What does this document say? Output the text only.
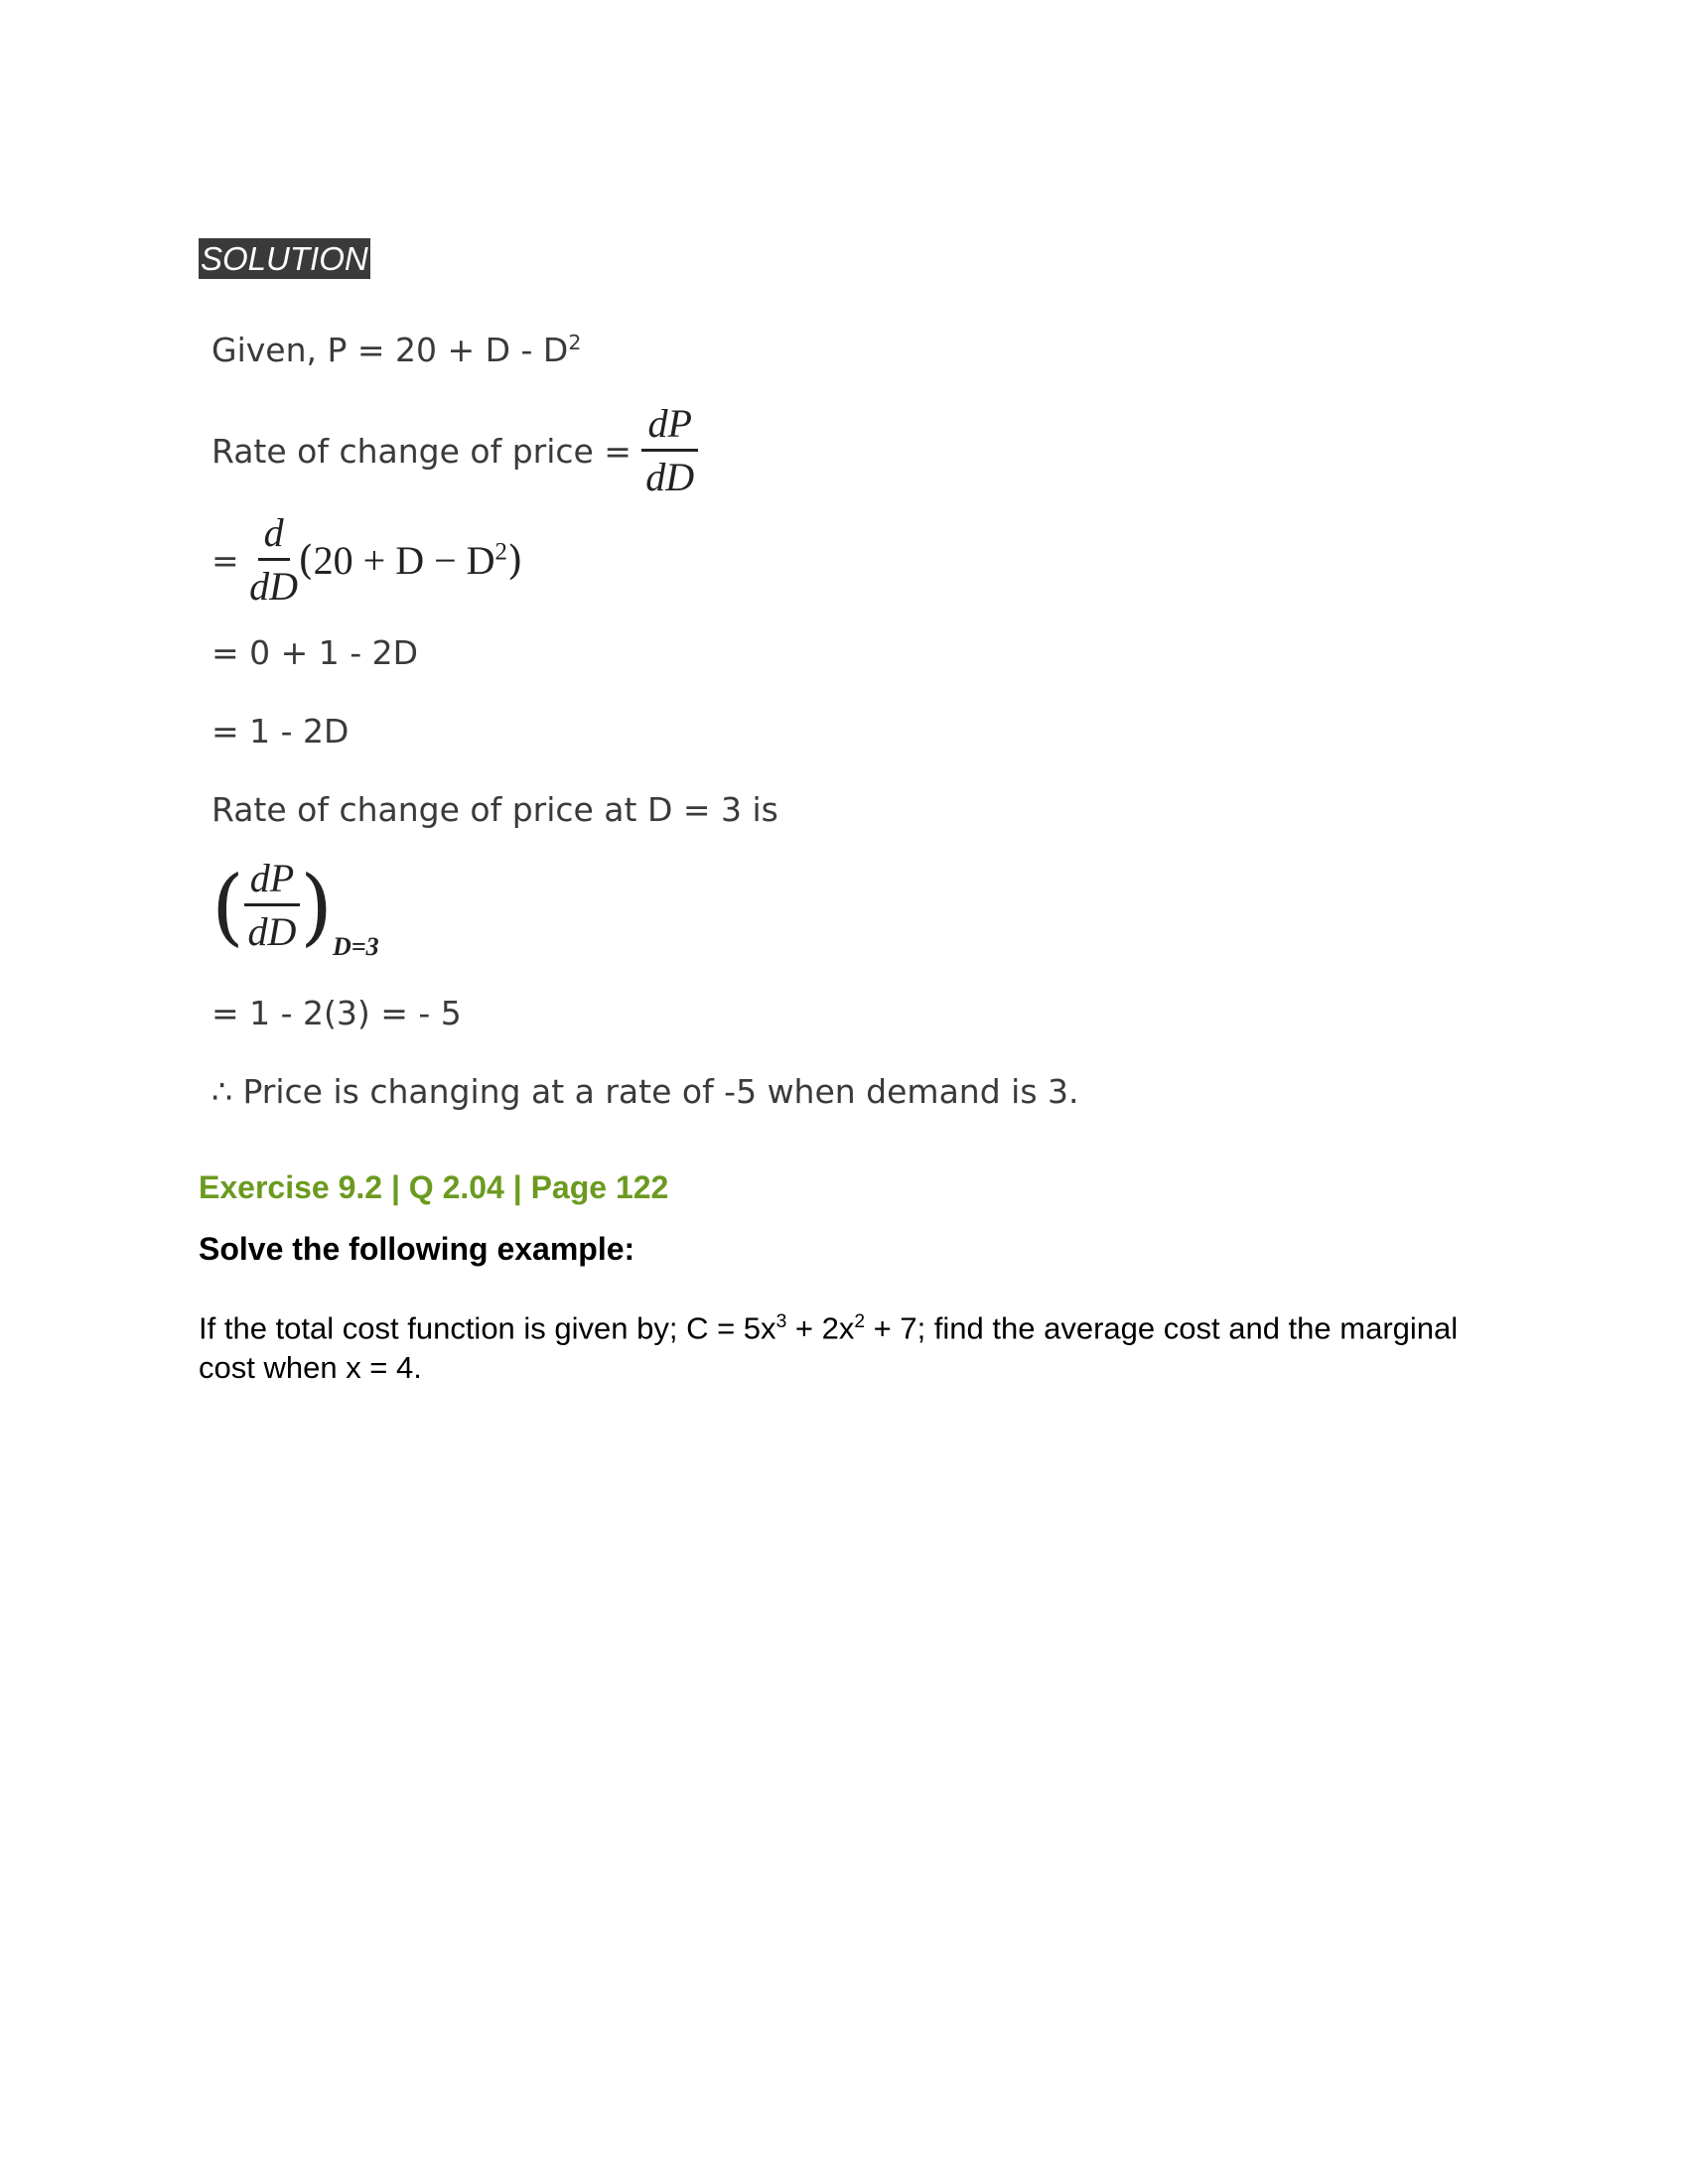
SOLUTION
Given, $P = 20 + D - D^2$
Rate of change of price = $\frac{dP}{dD}$
= $\frac{d}{dD} (20 + D - D^2)$
= 0 + 1 - 2D
= 1 - 2D
Rate of change of price at D = 3 is
( $\frac{dP}{dD} )_{D=3}$
= 1 - 2(3) = - 5
∴ Price is changing at a rate of -5 when demand is 3.
Exercise 9.2 | Q 2.04 | Page 122
Solve the following example:
If the total cost function is given by; $C = 5x^3 + 2x^2 + 7$; find the average cost and the marginal cost when x = 4.
